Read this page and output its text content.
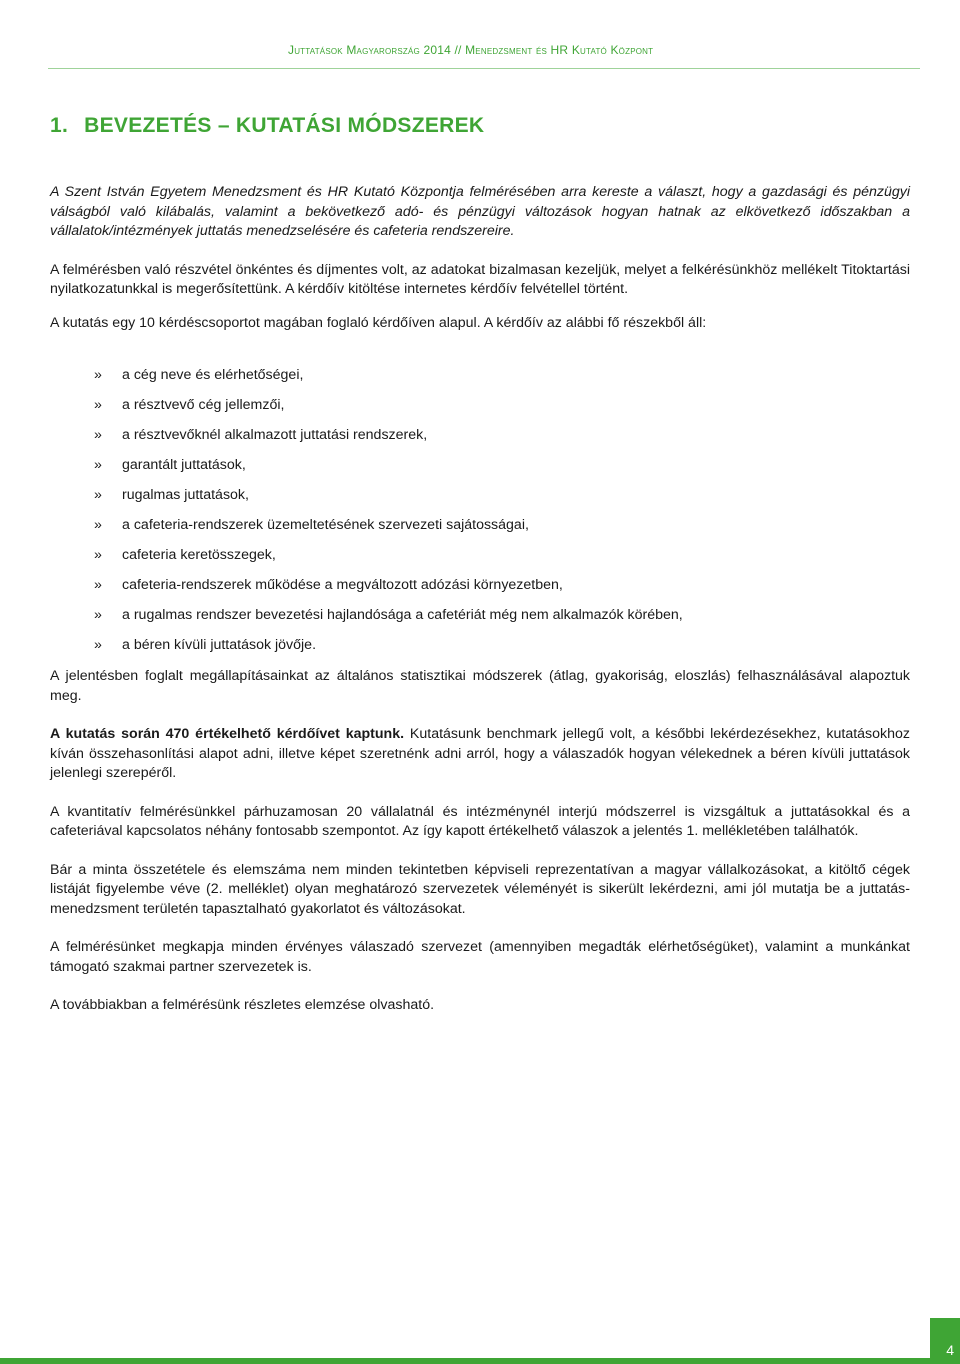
Juttatások Magyarország 2014 // Menedzsment és HR Kutató Központ
1. BEVEZETÉS – KUTATÁSI MÓDSZEREK

A Szent István Egyetem Menedzsment és HR Kutató Központja felmérésében arra kereste a választ, hogy a gazdasági és pénzügyi válságból való kilábalás, valamint a bekövetkező adó- és pénzügyi változások hogyan hatnak az elkövetkező időszakban a vállalatok/intézmények juttatás menedzselésére és cafeteria rendszereire.

A felmérésben való részvétel önkéntes és díjmentes volt, az adatokat bizalmasan kezeljük, melyet a felkérésünkhöz mellékelt Titoktartási nyilatkozatunkkal is megerősítettünk. A kérdőív kitöltése internetes kérdőív felvétellel történt.

A kutatás egy 10 kérdéscsoportot magában foglaló kérdőíven alapul. A kérdőív az alábbi fő részekből áll:

»	a cég neve és elérhetőségei,
»	a résztvevő cég jellemzői,
»	a résztvevőknél alkalmazott juttatási rendszerek,
»	garantált juttatások,
»	rugalmas juttatások,
»	a cafeteria-rendszerek üzemeltetésének szervezeti sajátosságai,
»	cafeteria keretösszegek,
»	cafeteria-rendszerek működése a megváltozott adózási környezetben,
»	a rugalmas rendszer bevezetési hajlandósága a cafetériát még nem alkalmazók körében,
»	a béren kívüli juttatások jövője.

A jelentésben foglalt megállapításainkat az általános statisztikai módszerek (átlag, gyakoriság, eloszlás) felhasználásával alapoztuk meg.

A kutatás során 470 értékelhető kérdőívet kaptunk. Kutatásunk benchmark jellegű volt, a későbbi lekérdezésekhez, kutatásokhoz kíván összehasonlítási alapot adni, illetve képet szeretnénk adni arról, hogy a válaszadók hogyan vélekednek a béren kívüli juttatások jelenlegi szerepéről.

A kvantitatív felmérésünkkel párhuzamosan 20 vállalatnál és intézménynél interjú módszerrel is vizsgáltuk a juttatásokkal és a cafeteriával kapcsolatos néhány fontosabb szempontot. Az így kapott értékelhető válaszok a jelentés 1. mellékletében találhatók.

Bár a minta összetétele és elemszáma nem minden tekintetben képviseli reprezentatívan a magyar vállalkozásokat, a kitöltő cégek listáját figyelembe véve (2. melléklet) olyan meghatározó szervezetek véleményét is sikerült lekérdezni, ami jól mutatja be a juttatás-menedzsment területén tapasztalható gyakorlatot és változásokat.

A felmérésünket megkapja minden érvényes válaszadó szervezet (amennyiben megadták elérhetőségüket), valamint a munkánkat támogató szakmai partner szervezetek is.

A továbbiakban a felmérésünk részletes elemzése olvasható.

4
